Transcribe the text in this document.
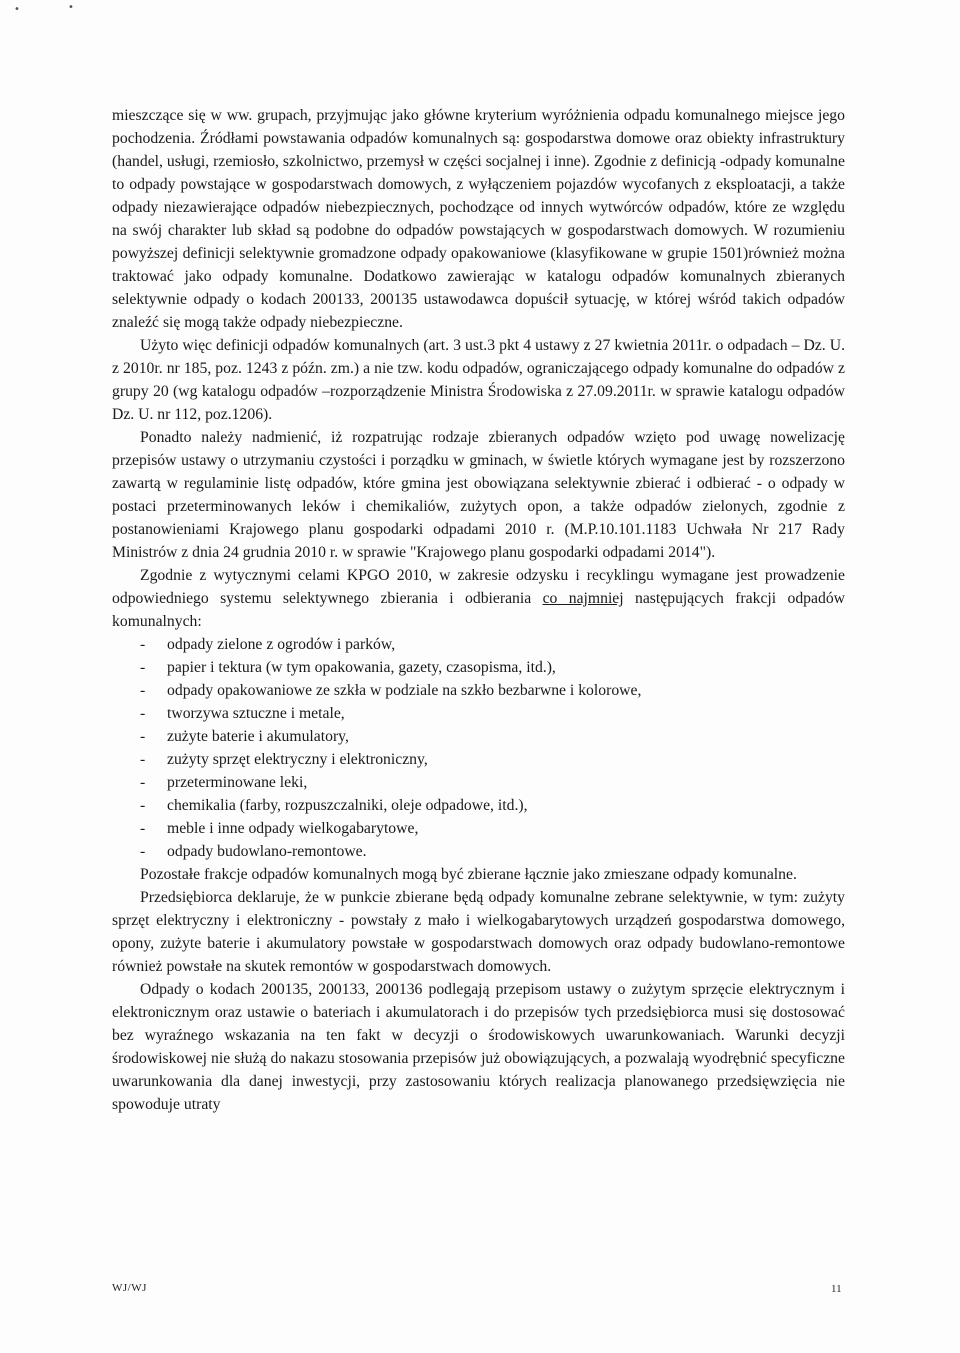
•	•

mieszczące się w ww. grupach, przyjmując jako główne kryterium wyróżnienia odpadu komunalnego miejsce jego pochodzenia. Źródłami powstawania odpadów komunalnych są: gospodarstwa domowe oraz obiekty infrastruktury (handel, usługi, rzemiosło, szkolnictwo, przemysł w części socjalnej i inne). Zgodnie z definicją -odpady komunalne to odpady powstające w gospodarstwach domowych, z wyłączeniem pojazdów wycofanych z eksploatacji, a także odpady niezawierające odpadów niebezpiecznych, pochodzące od innych wytwórców odpadów, które ze względu na swój charakter lub skład są podobne do odpadów powstających w gospodarstwach domowych. W rozumieniu powyższej definicji selektywnie gromadzone odpady opakowaniowe (klasyfikowane w grupie 1501)również można traktować jako odpady komunalne. Dodatkowo zawierając w katalogu odpadów komunalnych zbieranych selektywnie odpady o kodach 200133, 200135 ustawodawca dopuścił sytuację, w której wśród takich odpadów znaleźć się mogą także odpady niebezpieczne.

Użyto więc definicji odpadów komunalnych (art. 3 ust.3 pkt 4 ustawy z 27 kwietnia 2011r. o odpadach – Dz. U. z 2010r. nr 185, poz. 1243 z późn. zm.) a nie tzw. kodu odpadów, ograniczającego odpady komunalne do odpadów z grupy 20 (wg katalogu odpadów –rozporządzenie Ministra Środowiska z 27.09.2011r. w sprawie katalogu odpadów Dz. U. nr 112, poz.1206).

Ponadto należy nadmienić, iż rozpatrując rodzaje zbieranych odpadów wzięto pod uwagę nowelizację przepisów ustawy o utrzymaniu czystości i porządku w gminach, w świetle których wymagane jest by rozszerzono zawartą w regulaminie listę odpadów, które gmina jest obowiązana selektywnie zbierać i odbierać - o odpady w postaci przeterminowanych leków i chemikaliów, zużytych opon, a także odpadów zielonych, zgodnie z postanowieniami Krajowego planu gospodarki odpadami 2010 r. (M.P.10.101.1183 Uchwała Nr 217 Rady Ministrów z dnia 24 grudnia 2010 r. w sprawie "Krajowego planu gospodarki odpadami 2014").

Zgodnie z wytycznymi celami KPGO 2010, w zakresie odzysku i recyklingu wymagane jest prowadzenie odpowiedniego systemu selektywnego zbierania i odbierania co najmniej następujących frakcji odpadów komunalnych:

- odpady zielone z ogrodów i parków,
- papier i tektura (w tym opakowania, gazety, czasopisma, itd.),
- odpady opakowaniowe ze szkła w podziale na szkło bezbarwne i kolorowe,
- tworzywa sztuczne i metale,
- zużyte baterie i akumulatory,
- zużyty sprzęt elektryczny i elektroniczny,
- przeterminowane leki,
- chemikalia (farby, rozpuszczalniki, oleje odpadowe, itd.),
- meble i inne odpady wielkogabarytowe,
- odpady budowlano-remontowe.

Pozostałe frakcje odpadów komunalnych mogą być zbierane łącznie jako zmieszane odpady komunalne.

Przedsiębiorca deklaruje, że w punkcie zbierane będą odpady komunalne zebrane selektywnie, w tym: zużyty sprzęt elektryczny i elektroniczny - powstały z mało i wielkogabarytowych urządzeń gospodarstwa domowego, opony, zużyte baterie i akumulatory powstałe w gospodarstwach domowych oraz odpady budowlano-remontowe również powstałe na skutek remontów w gospodarstwach domowych.

Odpady o kodach 200135, 200133, 200136 podlegają przepisom ustawy o zużytym sprzęcie elektrycznym i elektronicznym oraz ustawie o bateriach i akumulatorach i do przepisów tych przedsiębiorca musi się dostosować bez wyraźnego wskazania na ten fakt w decyzji o środowiskowych uwarunkowaniach. Warunki decyzji środowiskowej nie służą do nakazu stosowania przepisów już obowiązujących, a pozwalają wyodrębnić specyficzne uwarunkowania dla danej inwestycji, przy zastosowaniu których realizacja planowanego przedsięwzięcia nie spowoduje utraty

WJ/WJ	11
